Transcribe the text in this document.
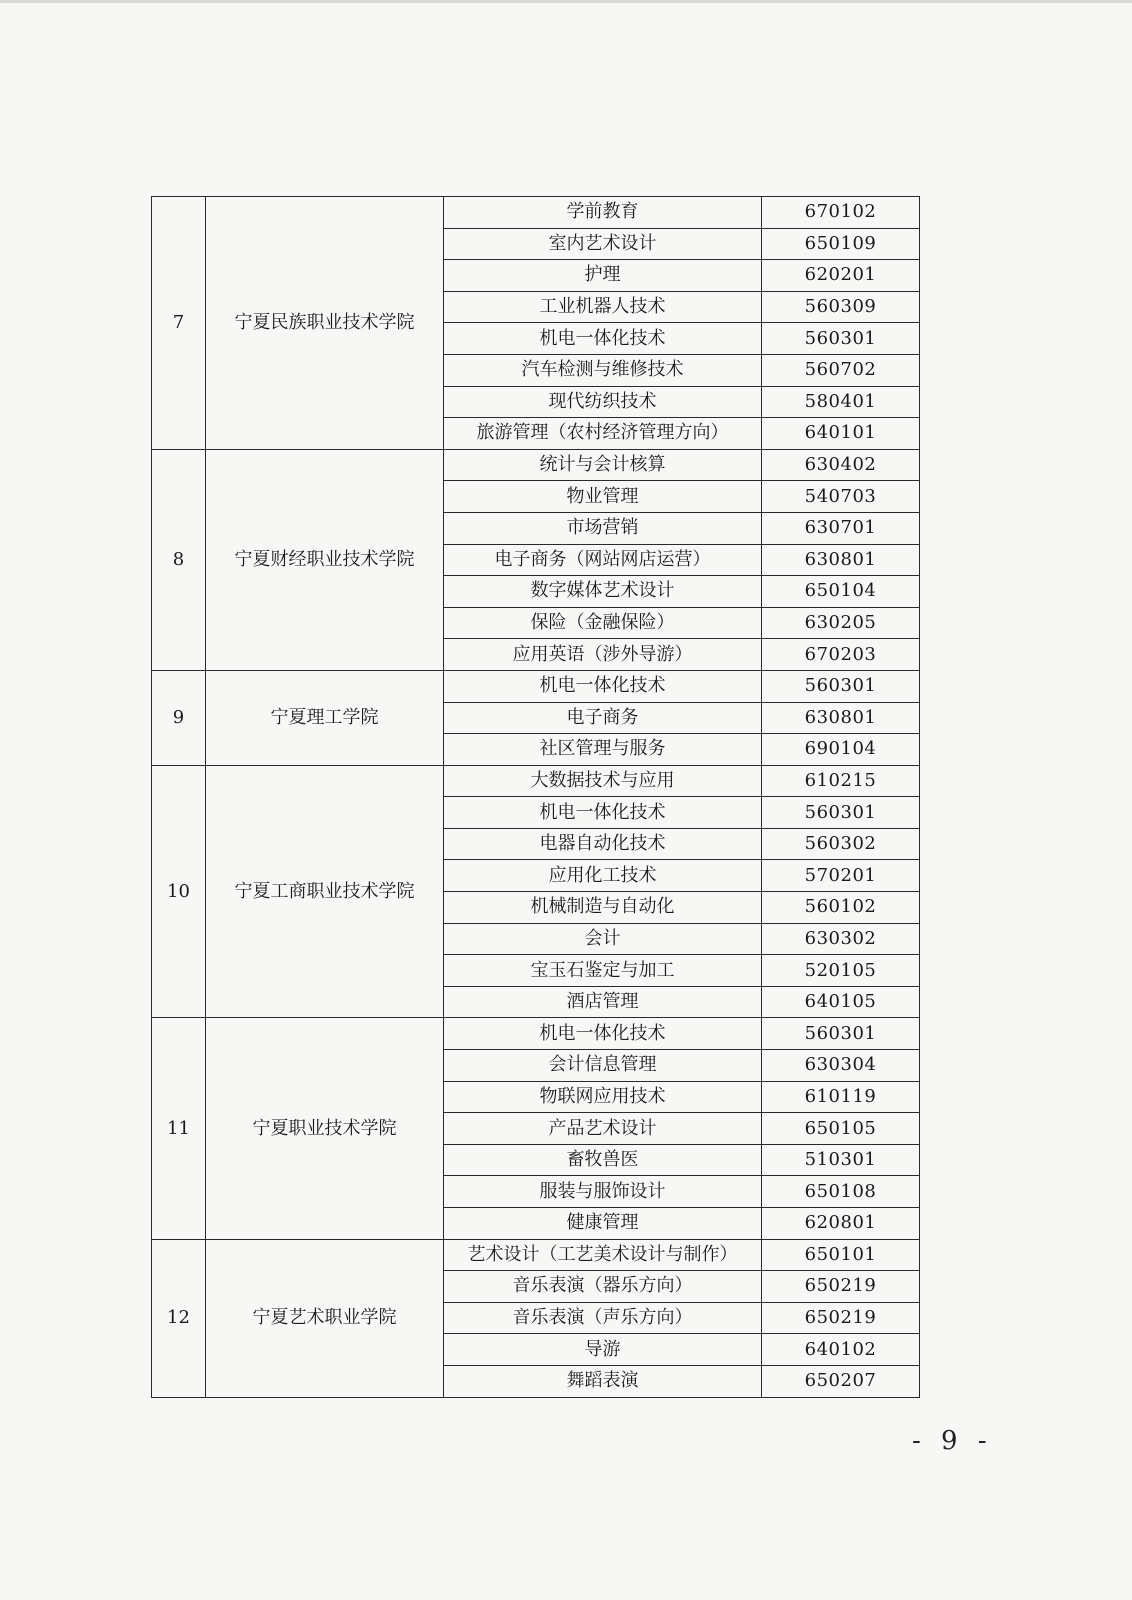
7	宁夏民族职业技术学院	学前教育	670102
		室内艺术设计	650109
		护理	620201
		工业机器人技术	560309
		机电一体化技术	560301
		汽车检测与维修技术	560702
		现代纺织技术	580401
		旅游管理（农村经济管理方向）	640101
8	宁夏财经职业技术学院	统计与会计核算	630402
		物业管理	540703
		市场营销	630701
		电子商务（网站网店运营）	630801
		数字媒体艺术设计	650104
		保险（金融保险）	630205
		应用英语（涉外导游）	670203
9	宁夏理工学院	机电一体化技术	560301
		电子商务	630801
		社区管理与服务	690104
10	宁夏工商职业技术学院	大数据技术与应用	610215
		机电一体化技术	560301
		电器自动化技术	560302
		应用化工技术	570201
		机械制造与自动化	560102
		会计	630302
		宝玉石鉴定与加工	520105
		酒店管理	640105
11	宁夏职业技术学院	机电一体化技术	560301
		会计信息管理	630304
		物联网应用技术	610119
		产品艺术设计	650105
		畜牧兽医	510301
		服装与服饰设计	650108
		健康管理	620801
12	宁夏艺术职业学院	艺术设计（工艺美术设计与制作）	650101
		音乐表演（器乐方向）	650219
		音乐表演（声乐方向）	650219
		导游	640102
		舞蹈表演	650207
- 9 -
